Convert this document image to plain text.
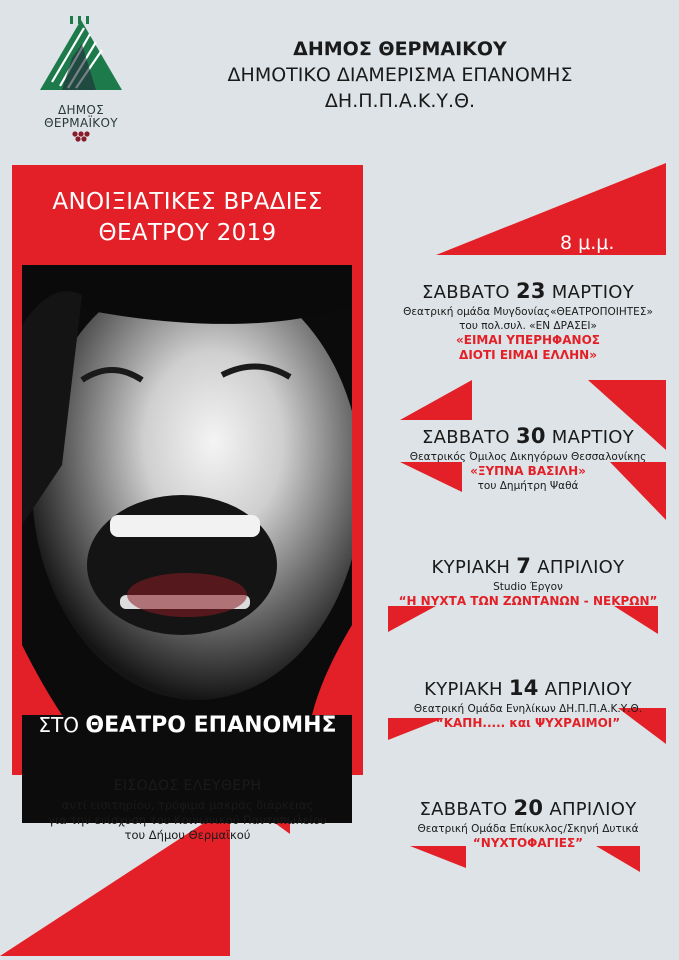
ΔΗΜΟΣ
ΘΕΡΜΑΪΚΟΥ
ΔΗΜΟΣ ΘΕΡΜΑΙΚΟΥ
ΔΗΜΟΤΙΚΟ ΔΙΑΜΕΡΙΣΜΑ ΕΠΑΝΟΜΗΣ
ΔΗ.Π.Π.Α.Κ.Υ.Θ.
ΑΝΟΙΞΙΑΤΙΚΕΣ ΒΡΑΔΙΕΣ
ΘΕΑΤΡΟΥ 2019
ΣΤΟ ΘΕΑΤΡΟ ΕΠΑΝΟΜΗΣ
ΕΙΣΟΔΟΣ ΕΛΕΥΘΕΡΗ
αντί εισιτηρίου, τρόφιμα μακράς διάρκειας
για την ενίσχυση του Κοινωνικού Παντοπωλείου
του Δήμου Θερμαϊκού
8 μ.μ.
ΣΑΒΒΑΤΟ 23 ΜΑΡΤΙΟΥ
Θεατρική ομάδα Μυγδονίας«ΘΕΑΤΡΟΠΟΙΗΤΕΣ»
του πολ.συλ. «ΕΝ ΔΡΑΣΕΙ»
«ΕΙΜΑΙ ΥΠΕΡΗΦΑΝΟΣ
ΔΙΟΤΙ ΕΙΜΑΙ ΕΛΛΗΝ»
ΣΑΒΒΑΤΟ 30 ΜΑΡΤΙΟΥ
Θεατρικός Όμιλος Δικηγόρων Θεσσαλονίκης
«ΞΥΠΝΑ ΒΑΣΙΛΗ»
του Δημήτρη Ψαθά
ΚΥΡΙΑΚΗ 7 ΑΠΡΙΛΙΟΥ
Studio Έργον
“Η ΝΥΧΤΑ ΤΩΝ ΖΩΝΤΑΝΩΝ - ΝΕΚΡΩΝ”
ΚΥΡΙΑΚΗ 14 ΑΠΡΙΛΙΟΥ
Θεατρική Ομάδα Ενηλίκων ΔΗ.Π.Π.Α.Κ.Υ.Θ.
“ΚΑΠΗ..... και ΨΥΧΡΑΙΜΟΙ”
ΣΑΒΒΑΤΟ 20 ΑΠΡΙΛΙΟΥ
Θεατρική Ομάδα Επίκυκλος/Σκηνή Δυτικά
“ΝΥΧΤΟΦΑΓΙΕΣ”
